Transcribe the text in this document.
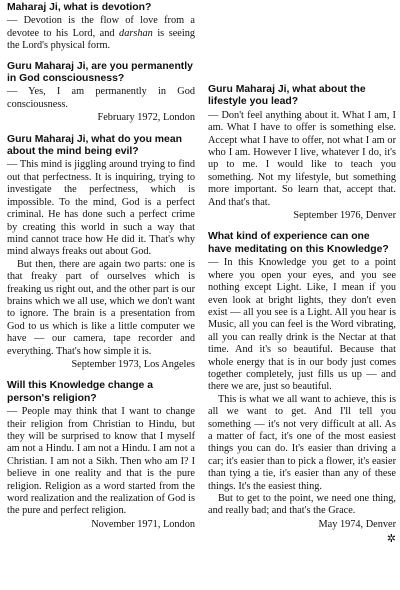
Maharaj Ji, what is devotion?

— Devotion is the flow of love from a devotee to his Lord, and darshan is seeing the Lord's physical form.

Guru Maharaj Ji, are you permanently in God consciousness?

— Yes, I am permanently in God consciousness.

February 1972, London
Guru Maharaj Ji, what do you mean about the mind being evil?

— This mind is jiggling around trying to find out that perfectness. It is inquiring, trying to investigate the perfectness, which is impossible. To the mind, God is a perfect criminal. He has done such a perfect crime by creating this world in such a way that mind cannot trace how He did it. That's why mind always freaks out about God.

But then, there are again two parts: one is that freaky part of ourselves which is freaking us right out, and the other part is our brains which we all use, which we don't want to ignore. The brain is a presentation from God to us which is like a little computer we have — our camera, tape recorder and everything. That's how simple it is.

September 1973, Los Angeles
Will this Knowledge change a person's religion?

— People may think that I want to change their religion from Christian to Hindu, but they will be surprised to know that I myself am not a Hindu. I am not a Hindu. I am not a Christian. I am not a Sikh. Then who am I? I believe in one reality and that is the pure religion. Religion as a word started from the word realization and the realization of God is the pure and perfect religion.

November 1971, London
Guru Maharaj Ji, what about the lifestyle you lead?

— Don't feel anything about it. What I am, I am. What I have to offer is something else. Accept what I have to offer, not what I am or who I am. However I live, whatever I do, it's up to me. I would like to teach you something. Not my lifestyle, but something more important. So learn that, accept that. And that's that.

September 1976, Denver
What kind of experience can one have meditating on this Knowledge?

— In this Knowledge you get to a point where you open your eyes, and you see nothing except Light. Like, I mean if you even look at bright lights, they don't even exist — all you see is a Light. All you hear is Music, all you can feel is the Word vibrating, all you can really drink is the Nectar at that time. And it's so beautiful. Because that whole energy that is in our body just comes together completely, just fills us up — and there we are, just so beautiful.

This is what we all want to achieve, this is all we want to get. And I'll tell you something — it's not very difficult at all. As a matter of fact, it's one of the most easiest things you can do. It's easier than driving a car; it's easier than to pick a flower, it's easier than tying a tie, it's easier than any of these things. It's the easiest thing.

But to get to the point, we need one thing, and really bad; and that's the Grace.

May 1974, Denver
✲
